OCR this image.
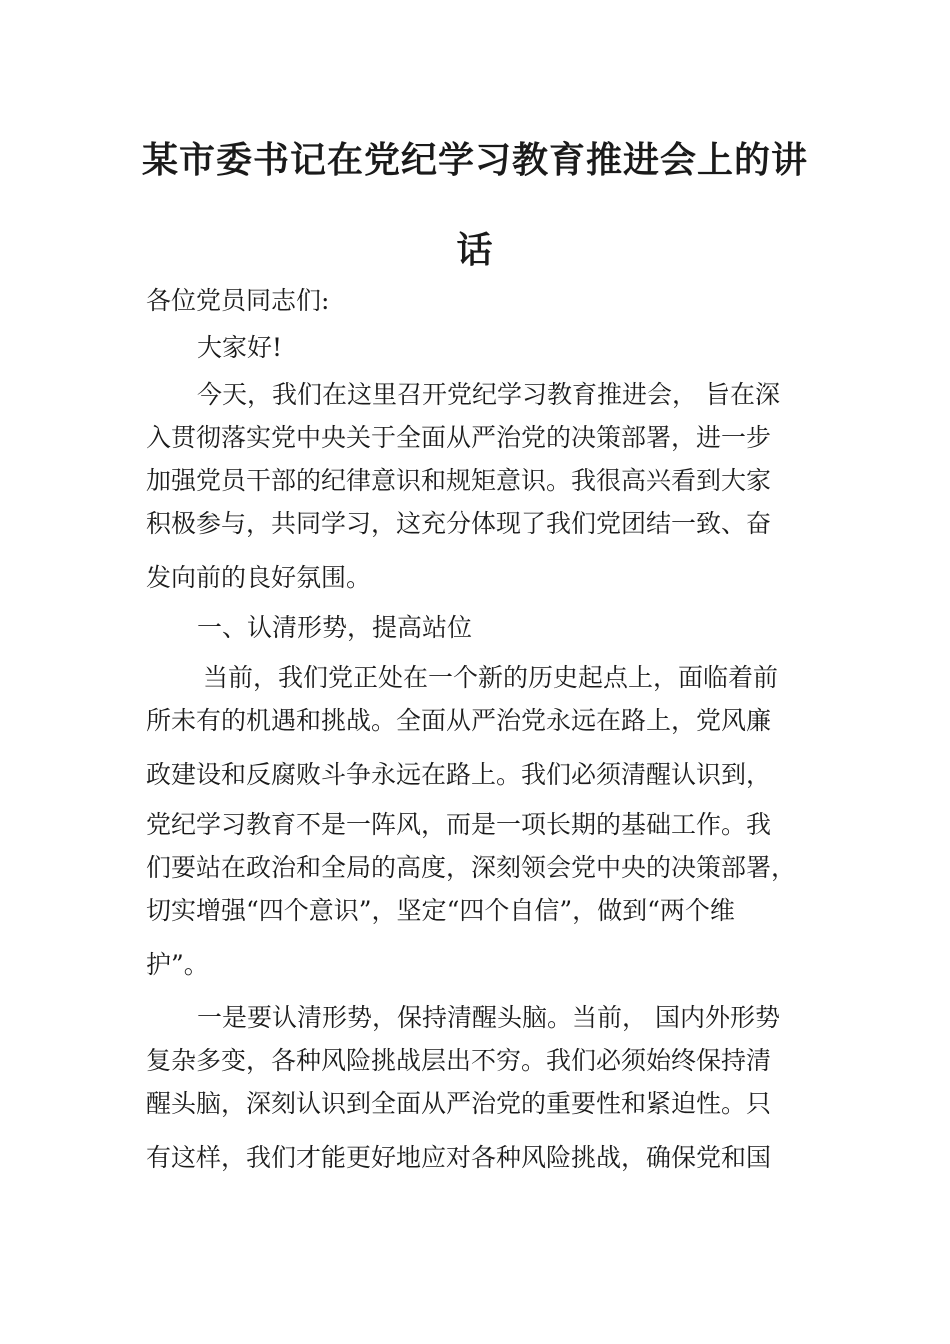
某市委书记在党纪学习教育推进会上的讲
话

各位党员同志们:

大家好!

今天，我们在这里召开党纪学习教育推进会， 旨在深

入贯彻落实党中央关于全面从严治党的决策部署，进一步

加强党员干部的纪律意识和规矩意识。我很高兴看到大家

积极参与，共同学习，这充分体现了我们党团结一致、奋

发向前的良好氛围。

一、认清形势，提高站位

当前，我们党正处在一个新的历史起点上，面临着前

所未有的机遇和挑战。全面从严治党永远在路上，党风廉

政建设和反腐败斗争永远在路上。我们必须清醒认识到，

党纪学习教育不是一阵风，而是一项长期的基础工作。我

们要站在政治和全局的高度，深刻领会党中央的决策部署，

切实增强“四个意识”，坚定“四个自信”，做到“两个维

护”。

一是要认清形势，保持清醒头脑。当前， 国内外形势

复杂多变，各种风险挑战层出不穷。我们必须始终保持清

醒头脑，深刻认识到全面从严治党的重要性和紧迫性。只

有这样，我们才能更好地应对各种风险挑战，确保党和国
